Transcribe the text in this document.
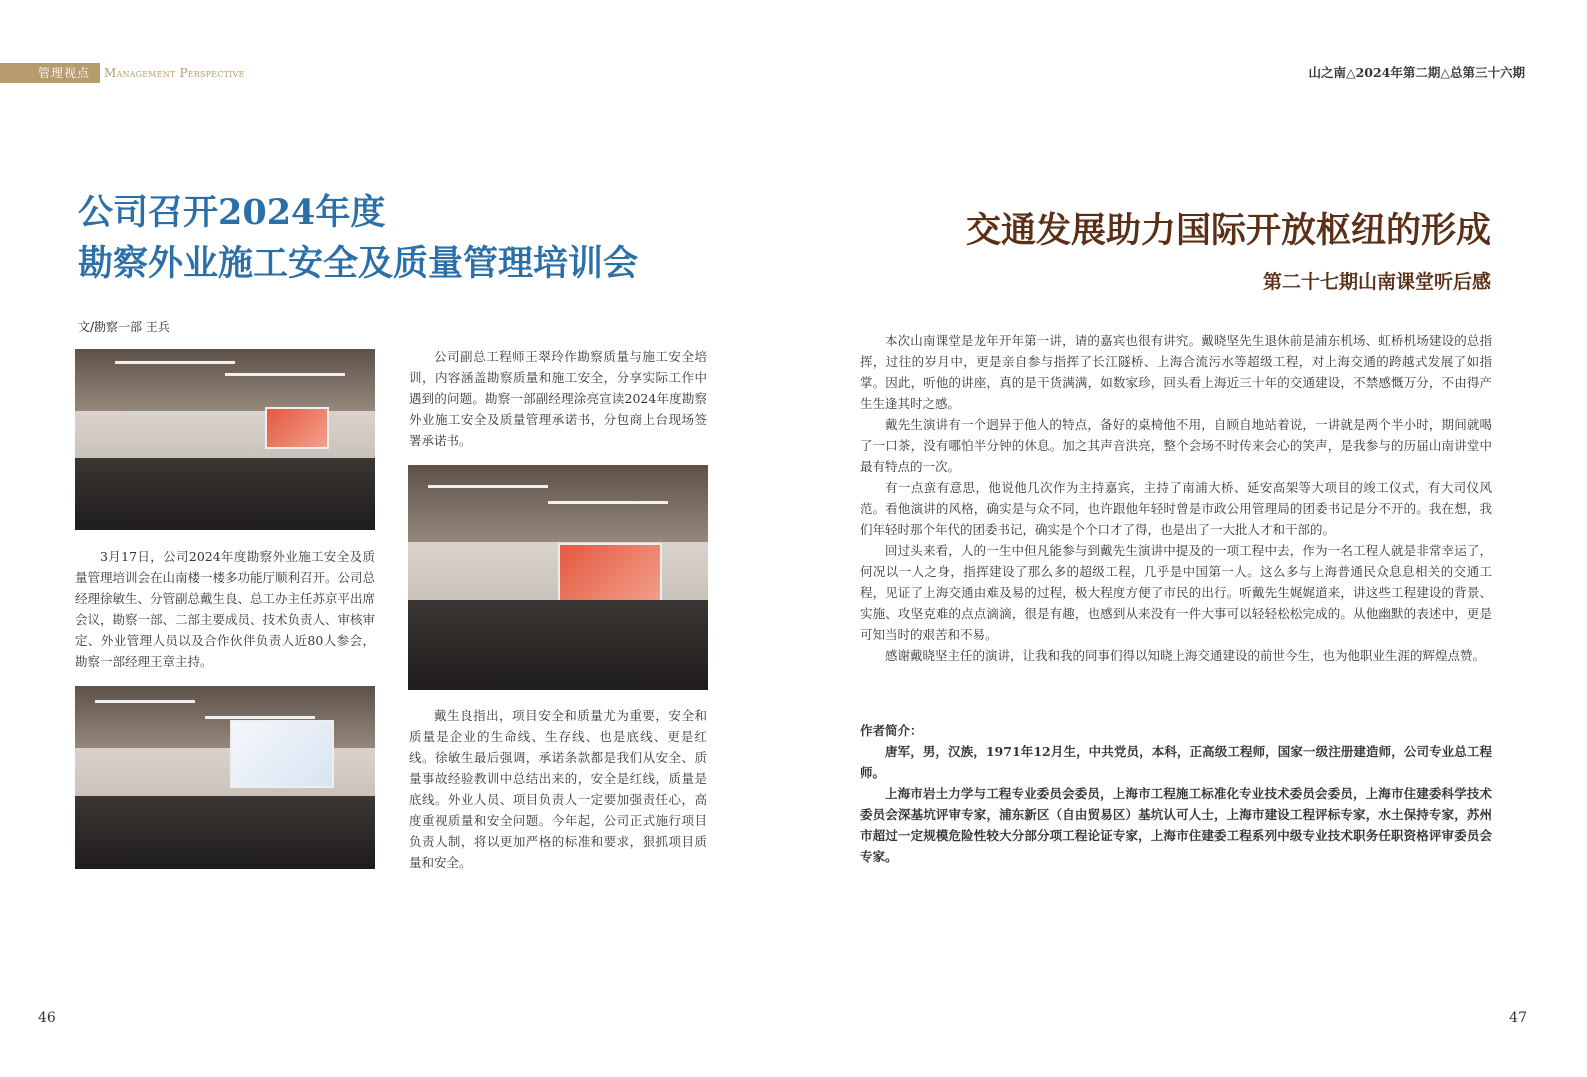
管理视点 Management Perspective	山之南△2024年第二期△总第三十六期
公司召开2024年度
勘察外业施工安全及质量管理培训会
文/勘察一部 王兵
3月17日，公司2024年度勘察外业施工安全及质量管理培训会在山南楼一楼多功能厅顺利召开。公司总经理徐敏生、分管副总戴生良、总工办主任苏京平出席会议，勘察一部、二部主要成员、技术负责人、审核审定、外业管理人员以及合作伙伴负责人近80人参会，勘察一部经理王章主持。
公司副总工程师王翠玲作勘察质量与施工安全培训，内容涵盖勘察质量和施工安全，分享实际工作中遇到的问题。勘察一部副经理涂亮宣读2024年度勘察外业施工安全及质量管理承诺书，分包商上台现场签署承诺书。
戴生良指出，项目安全和质量尤为重要，安全和质量是企业的生命线、生存线、也是底线、更是红线。徐敏生最后强调，承诺条款都是我们从安全、质量事故经验教训中总结出来的，安全是红线，质量是底线。外业人员、项目负责人一定要加强责任心，高度重视质量和安全问题。今年起，公司正式施行项目负责人制，将以更加严格的标准和要求，狠抓项目质量和安全。
交通发展助力国际开放枢纽的形成
第二十七期山南课堂听后感
本次山南课堂是龙年开年第一讲，请的嘉宾也很有讲究。戴晓坚先生退休前是浦东机场、虹桥机场建设的总指挥，过往的岁月中，更是亲自参与指挥了长江隧桥、上海合流污水等超级工程，对上海交通的跨越式发展了如指掌。因此，听他的讲座，真的是干货满满，如数家珍，回头看上海近三十年的交通建设，不禁感慨万分，不由得产生生逢其时之感。
戴先生演讲有一个迥异于他人的特点，备好的桌椅他不用，自顾自地站着说，一讲就是两个半小时，期间就喝了一口茶，没有哪怕半分钟的休息。加之其声音洪亮，整个会场不时传来会心的笑声，是我参与的历届山南讲堂中最有特点的一次。
有一点蛮有意思，他说他几次作为主持嘉宾，主持了南浦大桥、延安高架等大项目的竣工仪式，有大司仪风范。看他演讲的风格，确实是与众不同，也许跟他年轻时曾是市政公用管理局的团委书记是分不开的。我在想，我们年轻时那个年代的团委书记，确实是个个口才了得，也是出了一大批人才和干部的。
回过头来看，人的一生中但凡能参与到戴先生演讲中提及的一项工程中去，作为一名工程人就是非常幸运了，何况以一人之身，指挥建设了那么多的超级工程，几乎是中国第一人。这么多与上海普通民众息息相关的交通工程，见证了上海交通由难及易的过程，极大程度方便了市民的出行。听戴先生娓娓道来，讲这些工程建设的背景、实施、攻坚克难的点点滴滴，很是有趣，也感到从来没有一件大事可以轻轻松松完成的。从他幽默的表述中，更是可知当时的艰苦和不易。
感谢戴晓坚主任的演讲，让我和我的同事们得以知晓上海交通建设的前世今生，也为他职业生涯的辉煌点赞。
作者简介：
唐军，男，汉族，1971年12月生，中共党员，本科，正高级工程师，国家一级注册建造师，公司专业总工程师。
上海市岩土力学与工程专业委员会委员，上海市工程施工标准化专业技术委员会委员，上海市住建委科学技术委员会深基坑评审专家，浦东新区（自由贸易区）基坑认可人士，上海市建设工程评标专家，水土保持专家，苏州市超过一定规模危险性较大分部分项工程论证专家，上海市住建委工程系列中级专业技术职务任职资格评审委员会专家。
46	47
